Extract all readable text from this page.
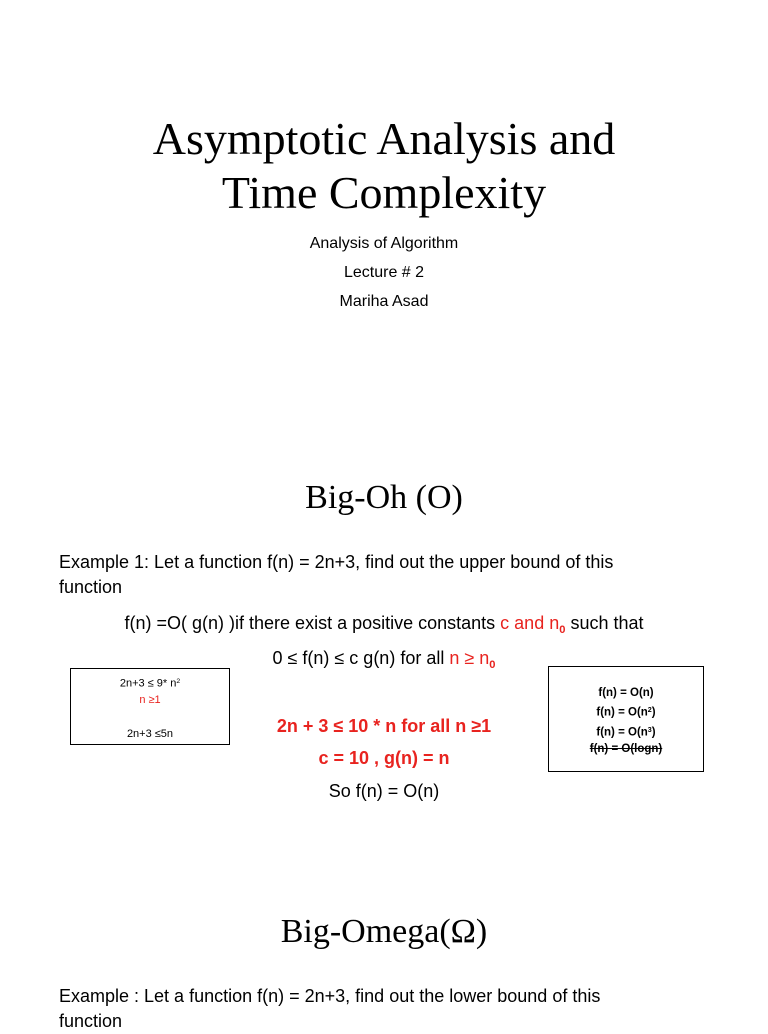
Asymptotic Analysis and
Time Complexity
Analysis of Algorithm
Lecture # 2
Mariha Asad
Big-Oh (O)
Example 1: Let a function f(n) = 2n+3, find out the upper bound of this
function
f(n) =O( g(n) )if there exist a positive constants c and $n_0$ such that
0 ≤ f(n) ≤ c g(n) for all $n \ge n_0$
2n+3 ≤ 9* $n^2$
n ≥1
2n+3 ≤5n
f(n) = O(n)
$f(n) = O(n^2)$
$f(n) = O(n^3)$
f(n) = O(logn)
2n + 3 ≤ 10 * n for all n ≥1
c = 10 , g(n) = n
So f(n) = O(n)
Big-Omega(Ω)
Example : Let a function f(n) = 2n+3, find out the lower bound of this
function
